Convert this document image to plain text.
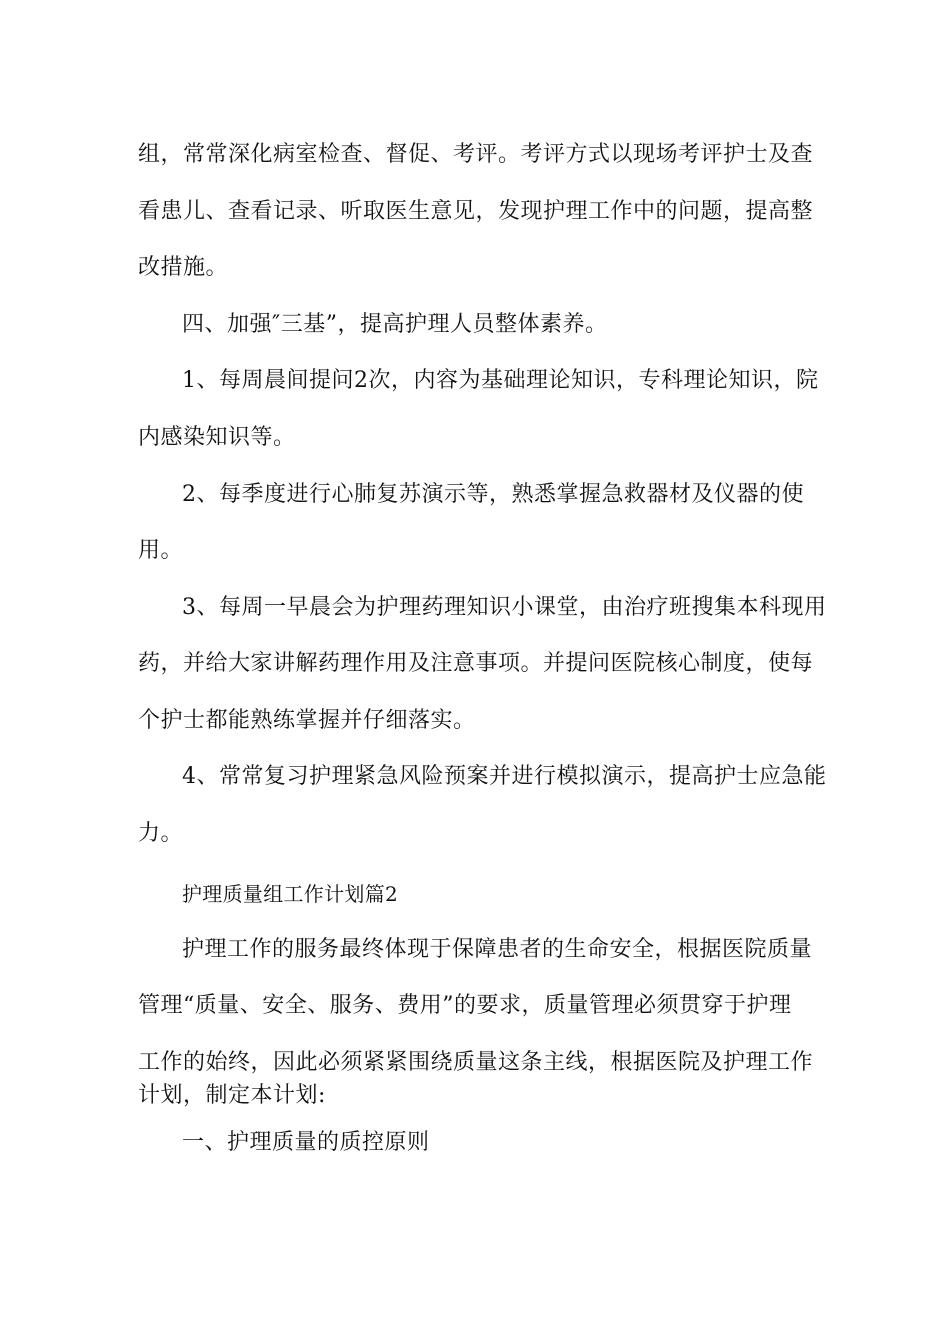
组，常常深化病室检查、督促、考评。考评方式以现场考评护士及查
看患儿、查看记录、听取医生意见，发现护理工作中的问题，提高整
改措施。
四、加强″三基”，提高护理人员整体素养。
1、每周晨间提问2次，内容为基础理论知识，专科理论知识，院
内感染知识等。
2、每季度进行心肺复苏演示等，熟悉掌握急救器材及仪器的使
用。
3、每周一早晨会为护理药理知识小课堂，由治疗班搜集本科现用
药，并给大家讲解药理作用及注意事项。并提问医院核心制度，使每
个护士都能熟练掌握并仔细落实。
4、常常复习护理紧急风险预案并进行模拟演示，提高护士应急能
力。
护理质量组工作计划篇2
护理工作的服务最终体现于保障患者的生命安全，根据医院质量
管理“质量、安全、服务、费用”的要求，质量管理必须贯穿于护理
工作的始终，因此必须紧紧围绕质量这条主线，根据医院及护理工作
计划，制定本计划:
一、护理质量的质控原则
